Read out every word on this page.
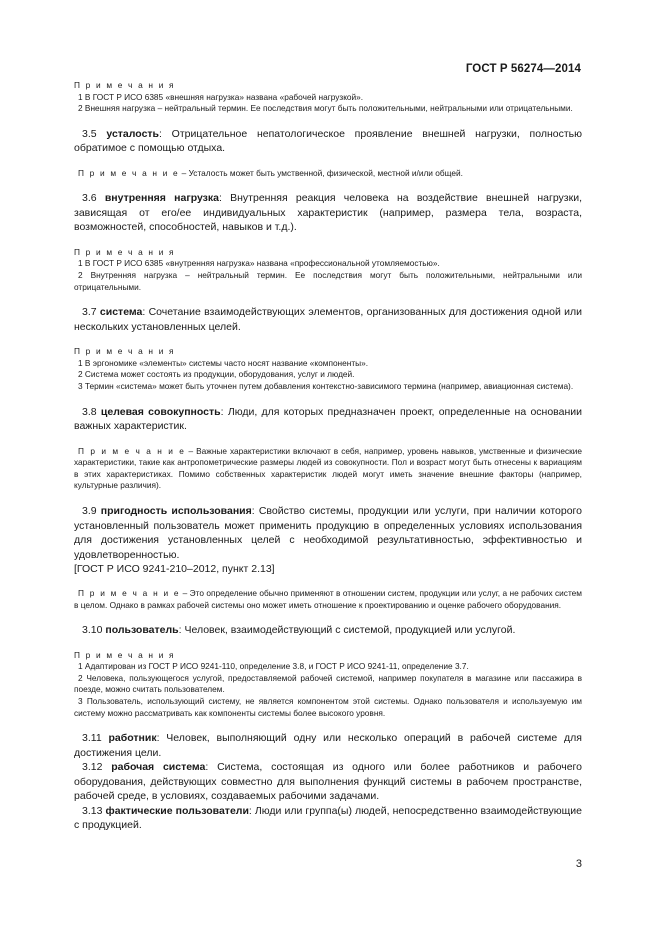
ГОСТ Р 56274—2014

П р и м е ч а н и я

1 В ГОСТ Р ИСО 6385 «внешняя нагрузка» названа «рабочей нагрузкой».

2 Внешняя нагрузка – нейтральный термин. Ее последствия могут быть положительными, нейтральными или отрицательными.

3.5 усталость: Отрицательное непатологическое проявление внешней нагрузки, полностью обратимое с помощью отдыха.

П р и м е ч а н и е – Усталость может быть умственной, физической, местной и/или общей.

3.6 внутренняя нагрузка: Внутренняя реакция человека на воздействие внешней нагрузки, зависящая от его/ее индивидуальных характеристик (например, размера тела, возраста, возможностей, способностей, навыков и т.д.).

П р и м е ч а н и я

1 В ГОСТ Р ИСО 6385 «внутренняя нагрузка» названа «профессиональной утомляемостью».

2 Внутренняя нагрузка – нейтральный термин. Ее последствия могут быть положительными, нейтральными или отрицательными.

3.7 система: Сочетание взаимодействующих элементов, организованных для достижения одной или нескольких установленных целей.

П р и м е ч а н и я

1 В эргономике «элементы» системы часто носят название «компоненты».

2 Система может состоять из продукции, оборудования, услуг и людей.

3 Термин «система» может быть уточнен путем добавления контекстно-зависимого термина (например, авиационная система).

3.8 целевая совокупность: Люди, для которых предназначен проект, определенные на основании важных характеристик.

П р и м е ч а н и е – Важные характеристики включают в себя, например, уровень навыков, умственные и физические характеристики, такие как антропометрические размеры людей из совокупности. Пол и возраст могут быть отнесены к вариациям в этих характеристиках. Помимо собственных характеристик людей могут иметь значение внешние факторы (например, культурные различия).

3.9 пригодность использования: Свойство системы, продукции или услуги, при наличии которого установленный пользователь может применить продукцию в определенных условиях использования для достижения установленных целей с необходимой результативностью, эффективностью и удовлетворенностью.

[ГОСТ Р ИСО 9241-210–2012, пункт 2.13]

П р и м е ч а н и е – Это определение обычно применяют в отношении систем, продукции или услуг, а не рабочих систем в целом. Однако в рамках рабочей системы оно может иметь отношение к проектированию и оценке рабочего оборудования.

3.10 пользователь: Человек, взаимодействующий с системой, продукцией или услугой.

П р и м е ч а н и я

1 Адаптирован из ГОСТ Р ИСО 9241-110, определение 3.8, и ГОСТ Р ИСО 9241-11, определение 3.7.

2 Человека, пользующегося услугой, предоставляемой рабочей системой, например покупателя в магазине или пассажира в поезде, можно считать пользователем.

3 Пользователь, использующий систему, не является компонентом этой системы. Однако пользователя и используемую им систему можно рассматривать как компоненты системы более высокого уровня.

3.11 работник: Человек, выполняющий одну или несколько операций в рабочей системе для достижения цели.

3.12 рабочая система: Система, состоящая из одного или более работников и рабочего оборудования, действующих совместно для выполнения функций системы в рабочем пространстве, рабочей среде, в условиях, создаваемых рабочими задачами.

3.13 фактические пользователи: Люди или группа(ы) людей, непосредственно взаимодействующие с продукцией.

3
